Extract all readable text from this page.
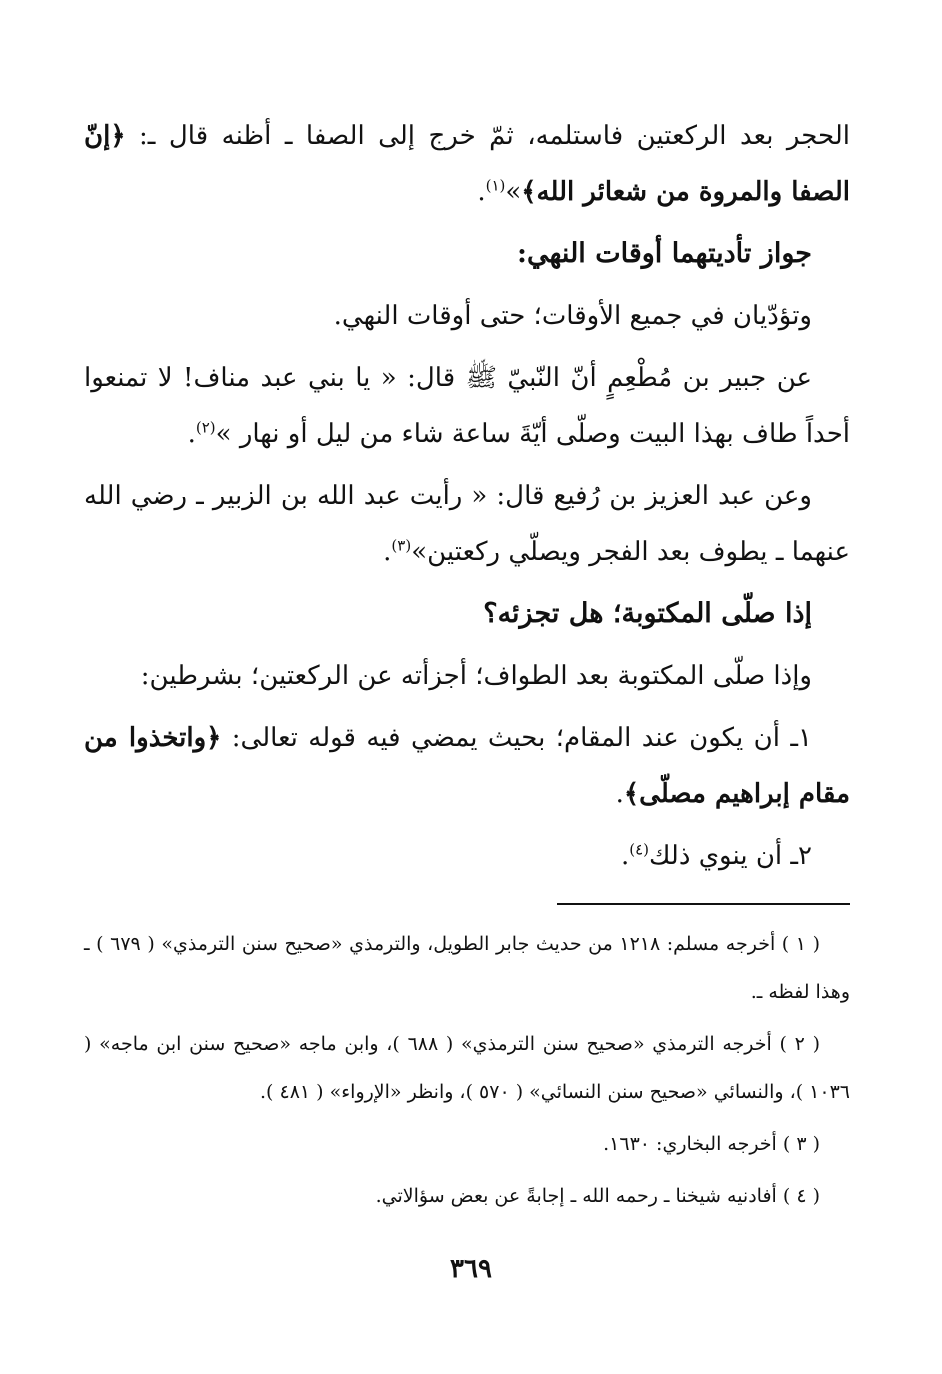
الحجر بعد الركعتين فاستلمه، ثمّ خرج إلى الصفا ـ أظنه قال ـ: ﴿إنّ الصفا والمروة من شعائر الله﴾»$^{(١)}$.

جواز تأديتهما أوقات النهي:

وتؤدّيان في جميع الأوقات؛ حتى أوقات النهي.

عن جبير بن مُطْعِمٍ أنّ النّبيّ ﷺ قال: « يا بني عبد مناف! لا تمنعوا أحداً طاف بهذا البيت وصلّى أيّةَ ساعة شاء من ليل أو نهار »$^{(٢)}$.

وعن عبد العزيز بن رُفيع قال: « رأيت عبد الله بن الزبير ـ رضي الله عنهما ـ يطوف بعد الفجر ويصلّي ركعتين»$^{(٣)}$.

إذا صلّى المكتوبة؛ هل تجزئه؟

وإذا صلّى المكتوبة بعد الطواف؛ أجزأته عن الركعتين؛ بشرطين:

١ـ أن يكون عند المقام؛ بحيث يمضي فيه قوله تعالى: ﴿واتخذوا من مقام إبراهيم مصلّى﴾.

٢ـ أن ينوي ذلك$^{(٤)}$.

( ١ ) أخرجه مسلم: ١٢١٨ من حديث جابر الطويل، والترمذي «صحيح سنن الترمذي» ( ٦٧٩ ) ـ وهذا لفظه ـ.

( ٢ ) أخرجه الترمذي «صحيح سنن الترمذي» ( ٦٨٨ )، وابن ماجه «صحيح سنن ابن ماجه» ( ١٠٣٦ )، والنسائي «صحيح سنن النسائي» ( ٥٧٠ )، وانظر «الإرواء» ( ٤٨١ ).

( ٣ ) أخرجه البخاري: ١٦٣٠.

( ٤ ) أفادنيه شيخنا ـ رحمه الله ـ إجابةً عن بعض سؤالاتي.

٣٦٩
